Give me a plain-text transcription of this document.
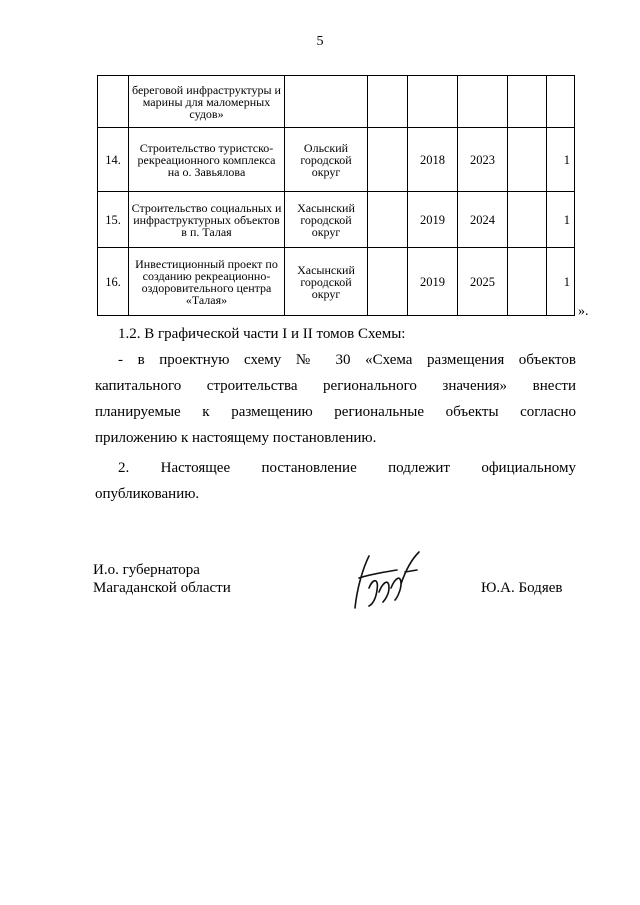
5
	береговой инфраструктуры и марины для маломерных судов»						
14.	Строительство туристско-рекреационного комплекса на о. Завьялова	Ольский городской округ		2018	2023		1
15.	Строительство социальных и инфраструктурных объектов в п. Талая	Хасынский городской округ		2019	2024		1
16.	Инвестиционный проект по созданию рекреационно-оздоровительного центра «Талая»	Хасынский городской округ		2019	2025		1
».
1.2. В графической части I и II томов Схемы:
- в проектную схему № 30 «Схема размещения объектов
капитального строительства регионального значения» внести
планируемые к размещению региональные объекты согласно
приложению к настоящему постановлению.
2. Настоящее постановление подлежит официальному
опубликованию.
И.о. губернатора
Магаданской области	Ю.А. Бодяев
